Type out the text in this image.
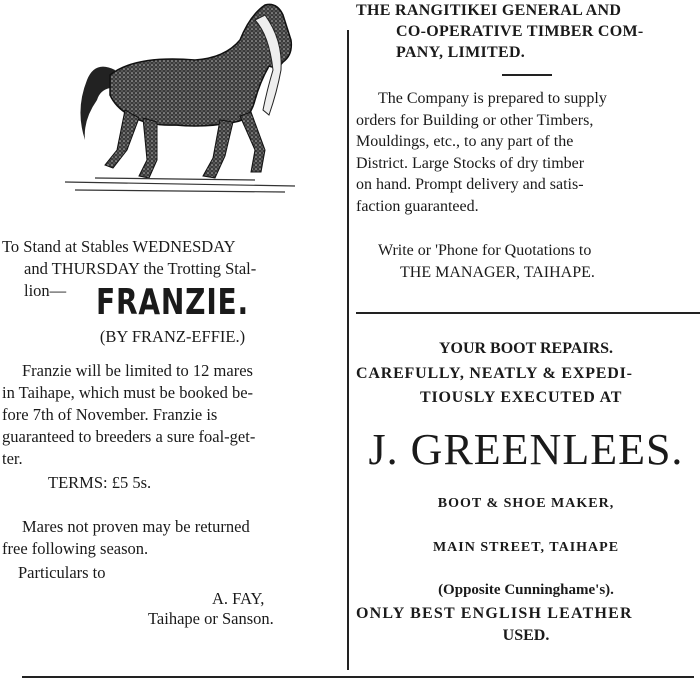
To Stand at Stables WEDNESDAY
and THURSDAY the Trotting Stal-
lion— FRANZIE.
(BY FRANZ-EFFIE.)
Franzie will be limited to 12 mares
in Taihape, which must be booked be-
fore 7th of November. Franzie is
guaranteed to breeders a sure foal-get-
ter.
TERMS: £5 5s.
Mares not proven may be returned
free following season.
Particulars to
A. FAY,
Taihape or Sanson.
THE RANGITIKEI GENERAL AND
CO-OPERATIVE TIMBER COM-
PANY, LIMITED.
The Company is prepared to supply
orders for Building or other Timbers,
Mouldings, etc., to any part of the
District. Large Stocks of dry timber
on hand. Prompt delivery and satis-
faction guaranteed.
Write or 'Phone for Quotations to
THE MANAGER, TAIHAPE.
YOUR BOOT REPAIRS.
CAREFULLY, NEATLY & EXPEDI-
TIOUSLY EXECUTED AT
J. GREENLEES.
BOOT & SHOE MAKER,
MAIN STREET, TAIHAPE
(Opposite Cunninghame's).
ONLY BEST ENGLISH LEATHER
USED.
